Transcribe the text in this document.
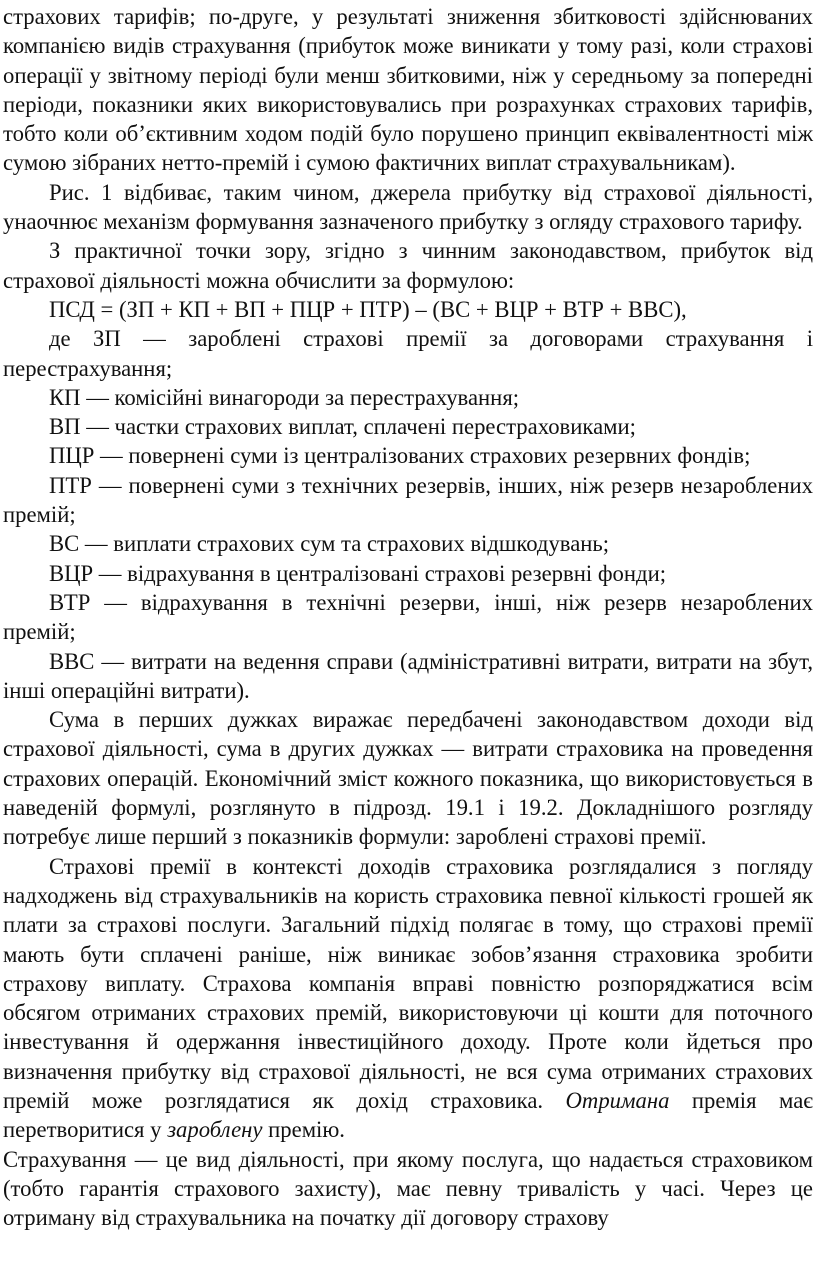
страхових тарифів; по-друге, у результаті зниження збитковості здійснюваних компанією видів страхування (прибуток може виникати у тому разі, коли страхові операції у звітному періоді були менш збитковими, ніж у середньому за попередні періоди, показники яких використовувались при розрахунках страхових тарифів, тобто коли об’єктивним ходом подій було порушено принцип еквівалентності між сумою зібраних нетто-премій і сумою фактичних виплат страхувальникам).

Рис. 1 відбиває, таким чином, джерела прибутку від страхової діяльності, унаочнює механізм формування зазначеного прибутку з огляду страхового тарифу.

З практичної точки зору, згідно з чинним законодавством, прибуток від страхової діяльності можна обчислити за формулою:

ПСД = (ЗП + КП + ВП + ПЦР + ПТР) – (ВС + ВЦР + ВТР + ВВС),

де ЗП — зароблені страхові премії за договорами страхування і перестрахування;

КП — комісійні винагороди за перестрахування;

ВП — частки страхових виплат, сплачені перестраховиками;

ПЦР — повернені суми із централізованих страхових резервних фондів;

ПТР — повернені суми з технічних резервів, інших, ніж резерв незароблених премій;

ВС — виплати страхових сум та страхових відшкодувань;

ВЦР — відрахування в централізовані страхові резервні фонди;

ВТР — відрахування в технічні резерви, інші, ніж резерв незароблених премій;

ВВС — витрати на ведення справи (адміністративні витрати, витрати на збут, інші операційні витрати).

Сума в перших дужках виражає передбачені законодавством доходи від страхової діяльності, сума в других дужках — витрати страховика на проведення страхових операцій. Економічний зміст кожного показника, що використовується в наведеній формулі, розглянуто в підрозд. 19.1 і 19.2. Докладнішого розгляду потребує лише перший з показників формули: зароблені страхові премії.

Страхові премії в контексті доходів страховика розглядалися з погляду надходжень від страхувальників на користь страховика певної кількості грошей як плати за страхові послуги. Загальний підхід полягає в тому, що страхові премії мають бути сплачені раніше, ніж виникає зобов’язання страховика зробити страхову виплату. Страхова компанія вправі повністю розпоряджатися всім обсягом отриманих страхових премій, використовуючи ці кошти для поточного інвестування й одержання інвестиційного доходу. Проте коли йдеться про визначення прибутку від страхової діяльності, не вся сума отриманих страхових премій може розглядатися як дохід страховика. Отримана премія має перетворитися у зароблену премію.

Страхування — це вид діяльності, при якому послуга, що надається страховиком (тобто гарантія страхового захисту), має певну тривалість у часі. Через це отриману від страхувальника на початку дії договору страхову
